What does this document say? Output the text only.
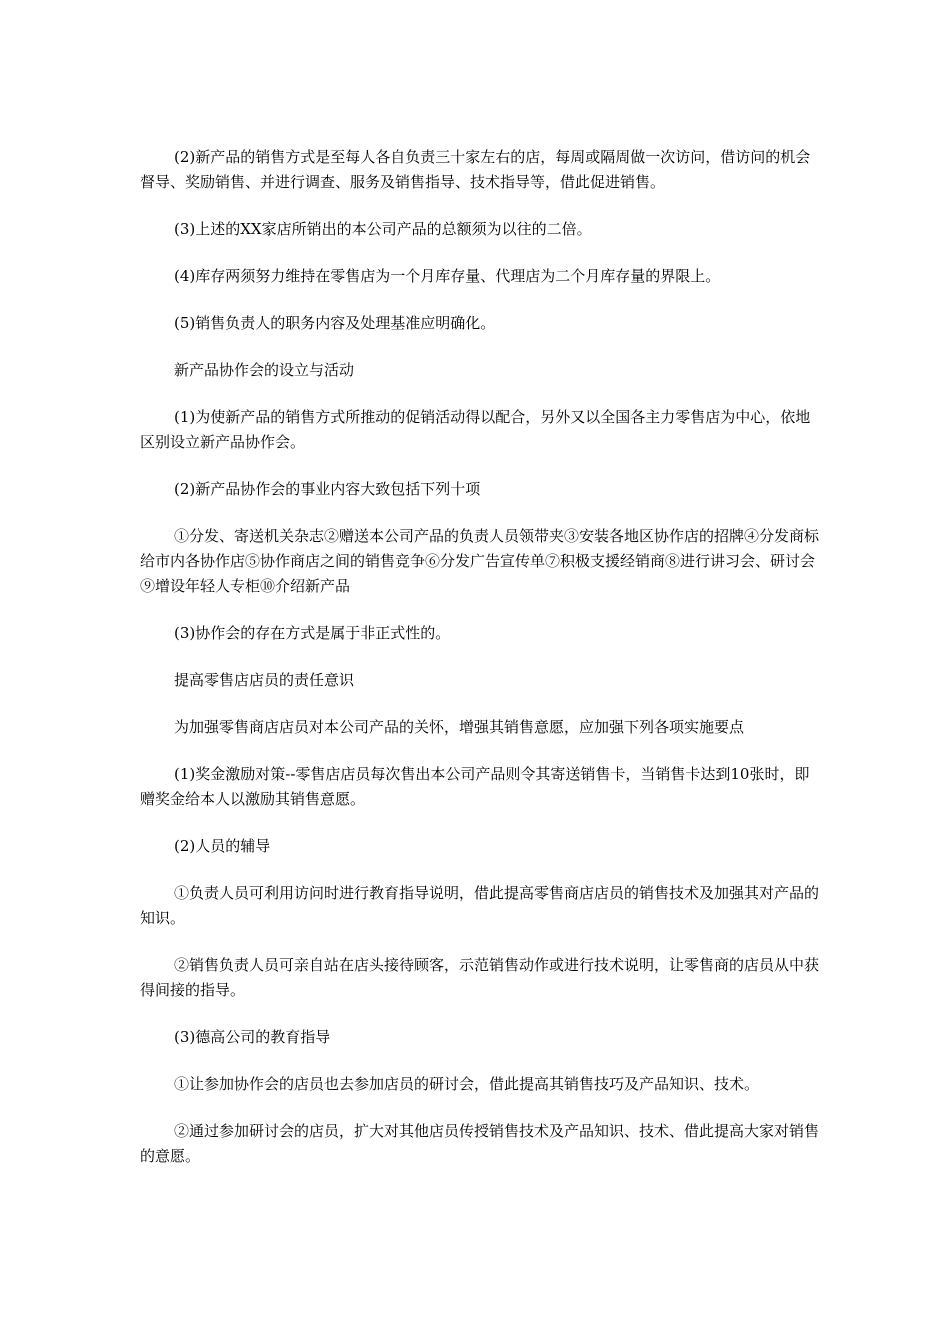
(2)新产品的销售方式是至每人各自负责三十家左右的店，每周或隔周做一次访问，借访问的机会督导、奖励销售、并进行调查、服务及销售指导、技术指导等，借此促进销售。

(3)上述的XX家店所销出的本公司产品的总额须为以往的二倍。

(4)库存两须努力维持在零售店为一个月库存量、代理店为二个月库存量的界限上。

(5)销售负责人的职务内容及处理基准应明确化。

新产品协作会的设立与活动

(1)为使新产品的销售方式所推动的促销活动得以配合，另外又以全国各主力零售店为中心，依地区别设立新产品协作会。

(2)新产品协作会的事业内容大致包括下列十项

①分发、寄送机关杂志②赠送本公司产品的负责人员领带夹③安装各地区协作店的招牌④分发商标给市内各协作店⑤协作商店之间的销售竞争⑥分发广告宣传单⑦积极支援经销商⑧进行讲习会、研讨会⑨增设年轻人专柜⑩介绍新产品

(3)协作会的存在方式是属于非正式性的。

提高零售店店员的责任意识

为加强零售商店店员对本公司产品的关怀，增强其销售意愿，应加强下列各项实施要点

(1)奖金激励对策--零售店店员每次售出本公司产品则令其寄送销售卡，当销售卡达到10张时，即赠奖金给本人以激励其销售意愿。

(2)人员的辅导

①负责人员可利用访问时进行教育指导说明，借此提高零售商店店员的销售技术及加强其对产品的知识。

②销售负责人员可亲自站在店头接待顾客，示范销售动作或进行技术说明，让零售商的店员从中获得间接的指导。

(3)德高公司的教育指导

①让参加协作会的店员也去参加店员的研讨会，借此提高其销售技巧及产品知识、技术。

②通过参加研讨会的店员，扩大对其他店员传授销售技术及产品知识、技术、借此提高大家对销售的意愿。
